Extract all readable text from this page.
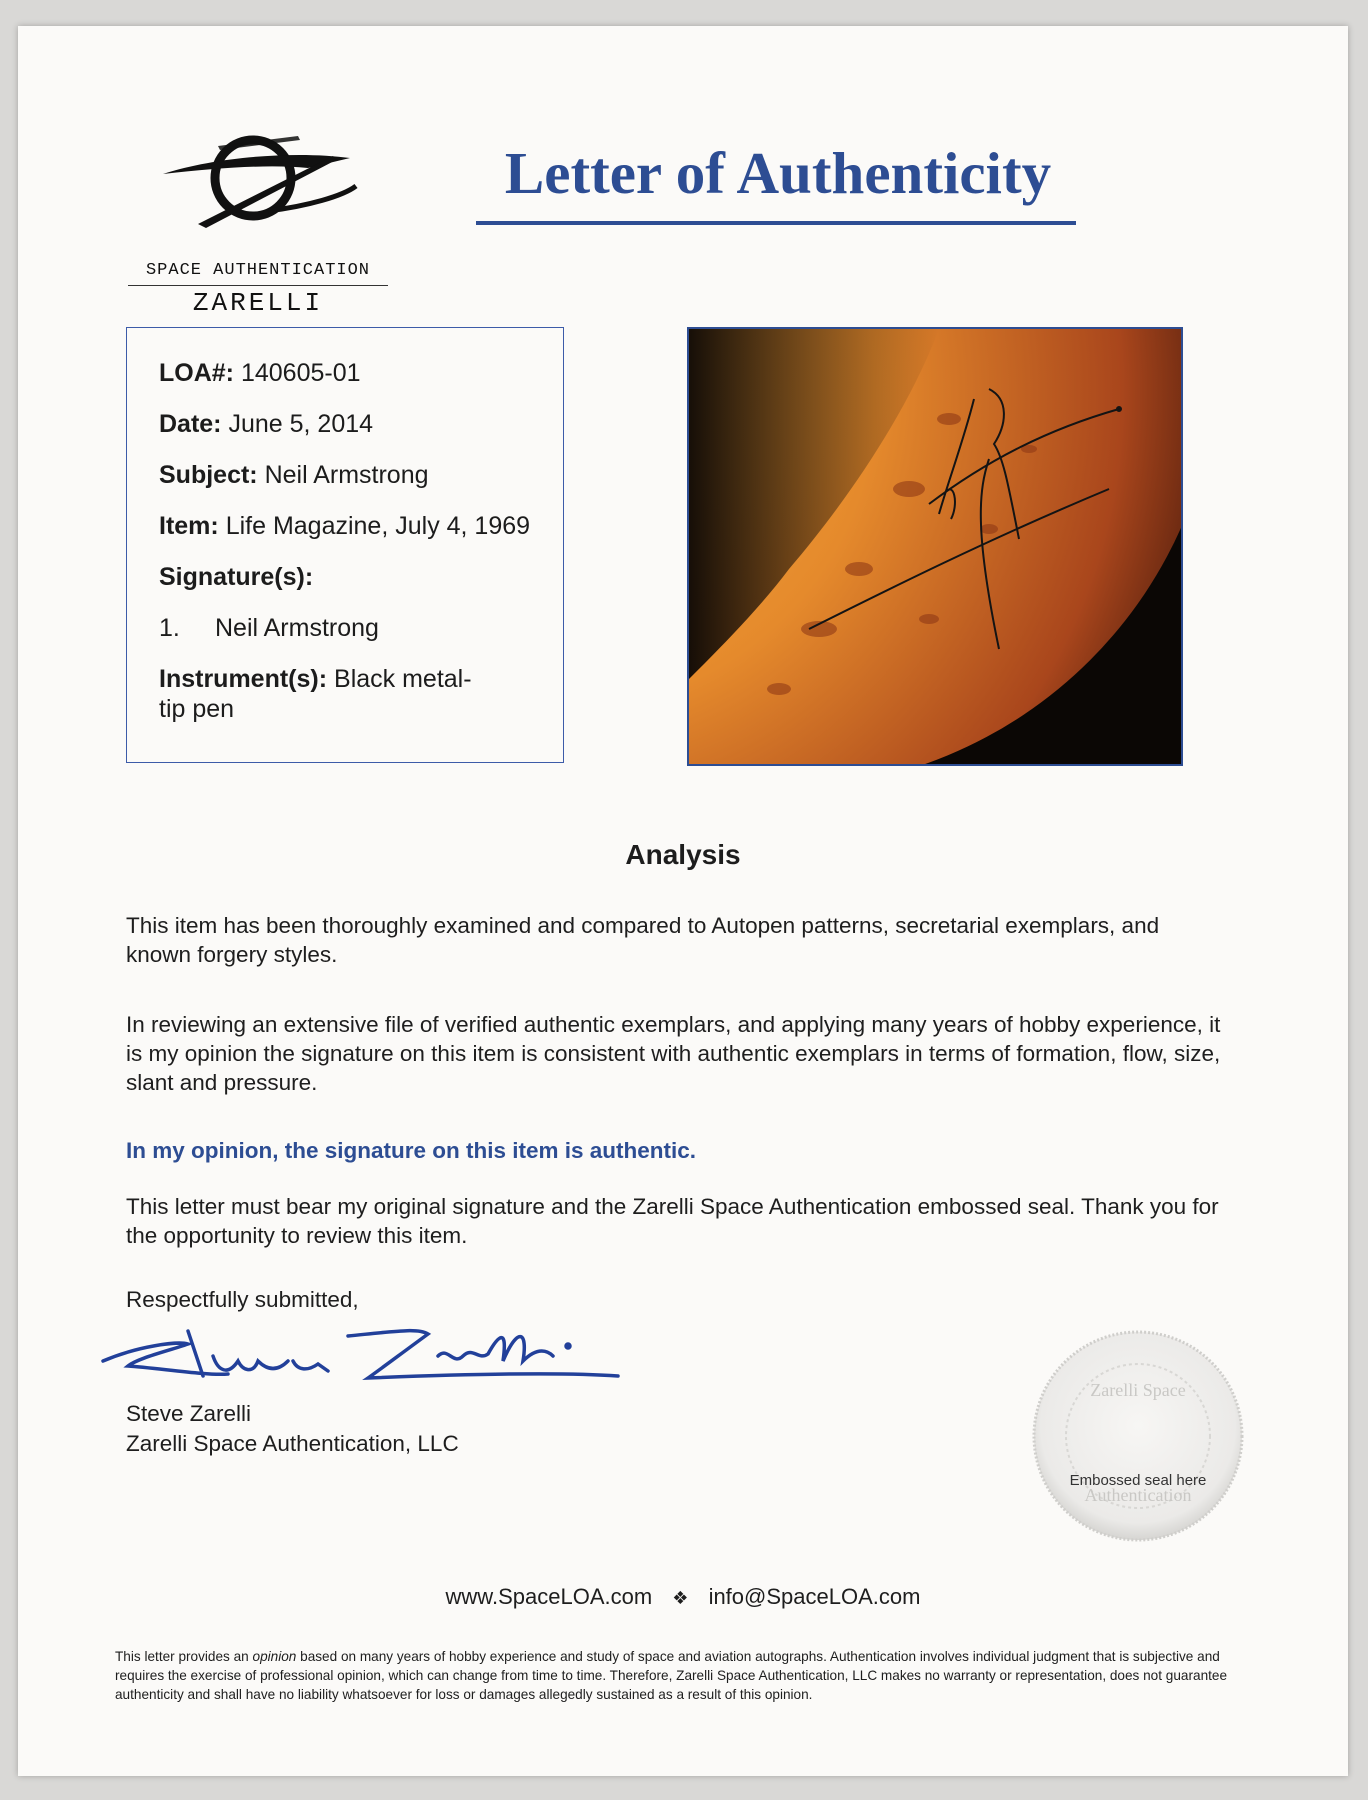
SPACE AUTHENTICATION
ZARELLI
Letter of Authenticity
LOA#: 140605-01
Date: June 5, 2014
Subject: Neil Armstrong
Item: Life Magazine, July 4, 1969
Signature(s):
1. Neil Armstrong
Instrument(s): Black metal-tip pen
Analysis
This item has been thoroughly examined and compared to Autopen patterns, secretarial exemplars, and known forgery styles.
In reviewing an extensive file of verified authentic exemplars, and applying many years of hobby experience, it is my opinion the signature on this item is consistent with authentic exemplars in terms of formation, flow, size, slant and pressure.
In my opinion, the signature on this item is authentic.
This letter must bear my original signature and the Zarelli Space Authentication embossed seal. Thank you for the opportunity to review this item.
Respectfully submitted,
Steve Zarelli
Zarelli Space Authentication, LLC
Zarelli Space
Authentication
Embossed seal here
www.SpaceLOA.com ❖ info@SpaceLOA.com
This letter provides an opinion based on many years of hobby experience and study of space and aviation autographs. Authentication involves individual judgment that is subjective and requires the exercise of professional opinion, which can change from time to time. Therefore, Zarelli Space Authentication, LLC makes no warranty or representation, does not guarantee authenticity and shall have no liability whatsoever for loss or damages allegedly sustained as a result of this opinion.
